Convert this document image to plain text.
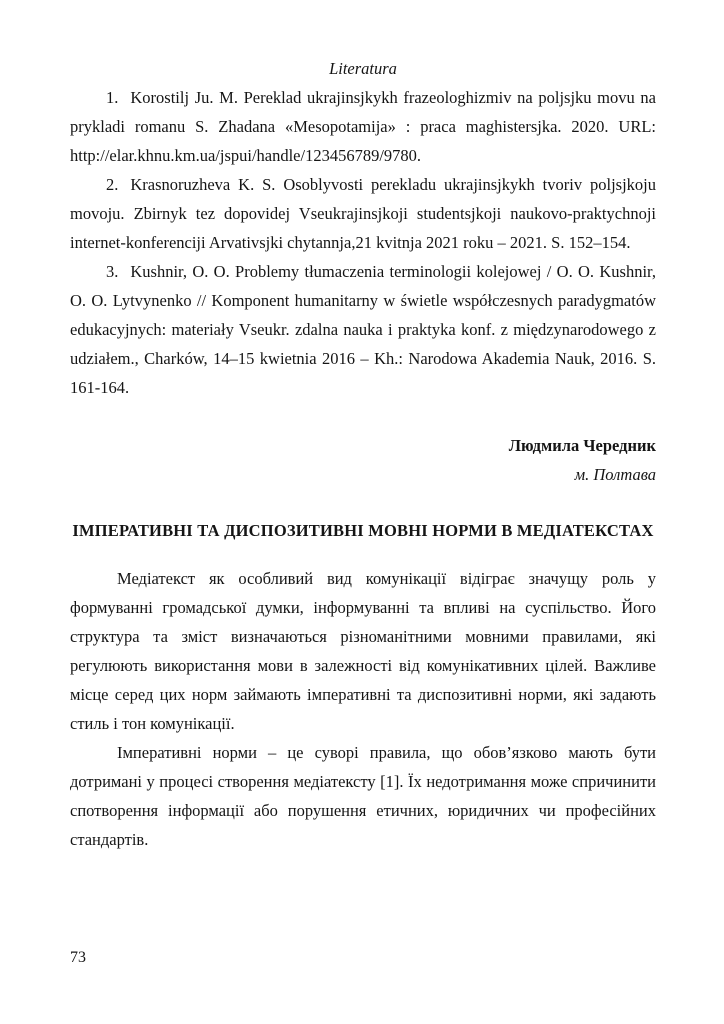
Literatura

1. Korostilj Ju. M. Pereklad ukrajinsjkykh frazeologhizmiv na poljsjku movu na prykladi romanu S. Zhadana «Mesopotamija» : praca maghistersjka. 2020. URL: http://elar.khnu.km.ua/jspui/handle/123456789/9780.

2. Krasnoruzheva K. S. Osoblyvosti perekladu ukrajinsjkykh tvoriv poljsjkoju movoju. Zbirnyk tez dopovidej Vseukrajinsjkoji studentsjkoji naukovo-praktychnoji internet-konferenciji Arvativsjki chytannja,21 kvitnja 2021 roku – 2021. S. 152–154.

3. Kushnir, O. O. Problemy tłumaczenia terminologii kolejowej / O. O. Kushnir, O. O. Lytvynenko // Komponent humanitarny w świetle współczesnych paradygmatów edukacyjnych: materiały Vseukr. zdalna nauka i praktyka konf. z międzynarodowego z udziałem., Charków, 14–15 kwietnia 2016 – Kh.: Narodowa Akademia Nauk, 2016. S. 161-164.

Людмила Чередник

м. Полтава

ІМПЕРАТИВНІ ТА ДИСПОЗИТИВНІ МОВНІ НОРМИ В МЕДІАТЕКСТАХ

Медіатекст як особливий вид комунікації відіграє значущу роль у формуванні громадської думки, інформуванні та впливі на суспільство. Його структура та зміст визначаються різноманітними мовними правилами, які регулюють використання мови в залежності від комунікативних цілей. Важливе місце серед цих норм займають імперативні та диспозитивні норми, які задають стиль і тон комунікації.

Імперативні норми – це суворі правила, що обов’язково мають бути дотримані у процесі створення медіатексту [1]. Їх недотримання може спричинити спотворення інформації або порушення етичних, юридичних чи професійних стандартів.

73
